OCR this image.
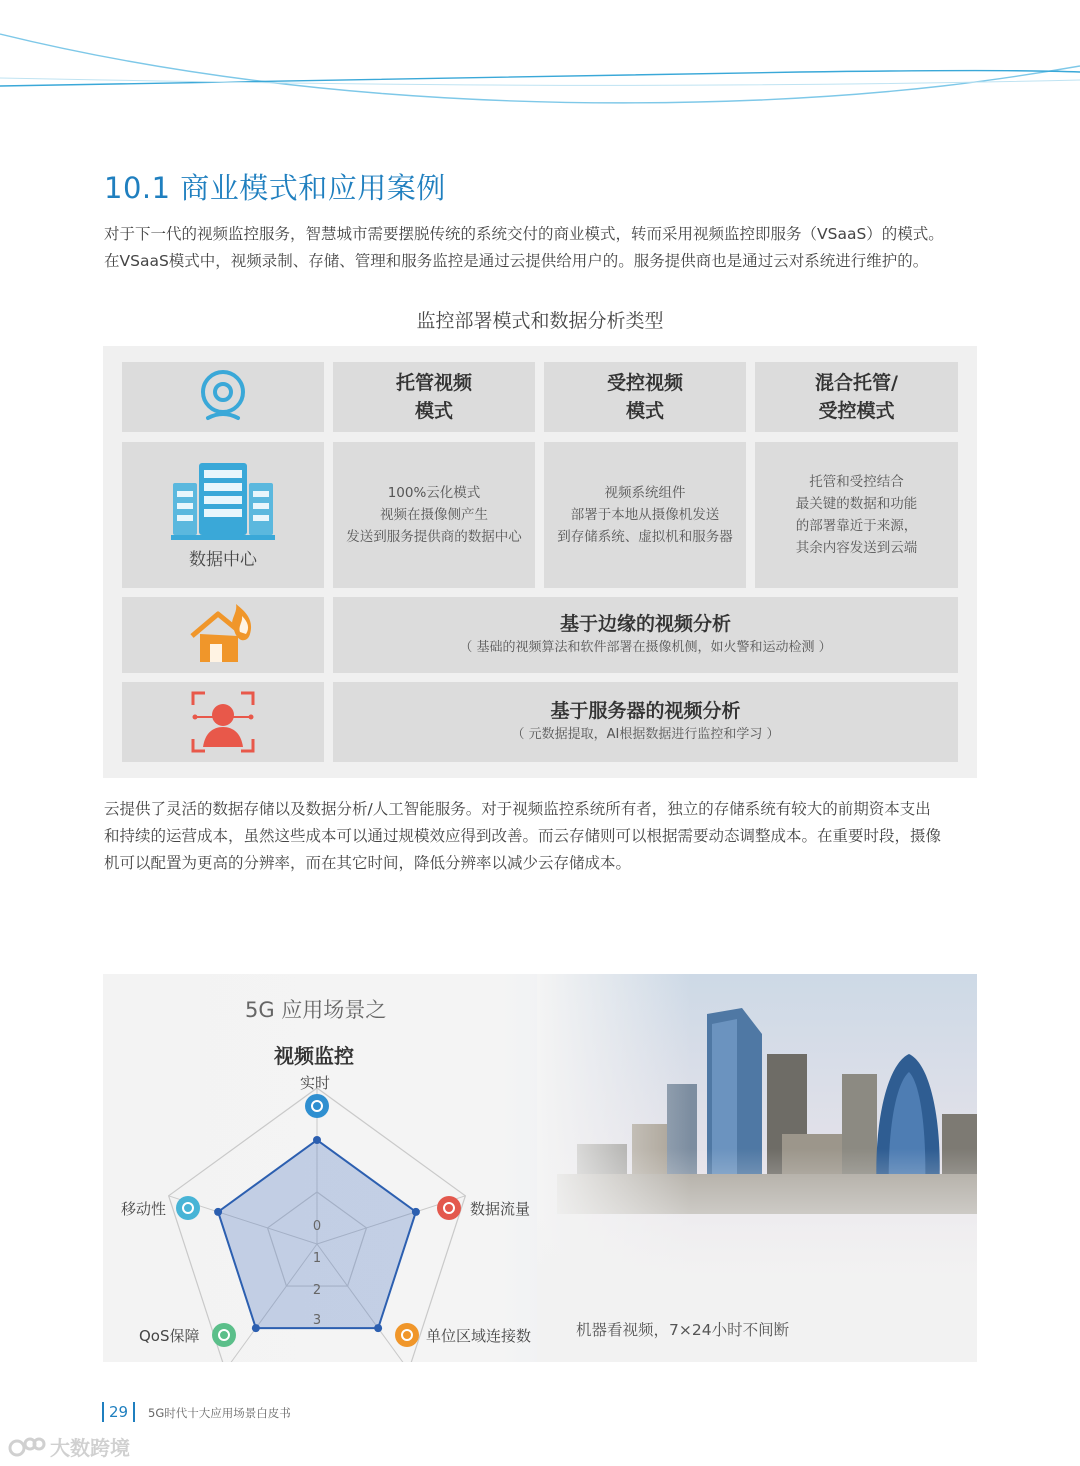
10.1 商业模式和应用案例
对于下一代的视频监控服务，智慧城市需要摆脱传统的系统交付的商业模式，转而采用视频监控即服务（VSaaS）的模式。
在VSaaS模式中，视频录制、存储、管理和服务监控是通过云提供给用户的。服务提供商也是通过云对系统进行维护的。
监控部署模式和数据分析类型
托管视频
模式
受控视频
模式
混合托管/
受控模式
数据中心
100%云化模式
视频在摄像侧产生
发送到服务提供商的数据中心
视频系统组件
部署于本地从摄像机发送
到存储系统、虚拟机和服务器
托管和受控结合
最关键的数据和功能
的部署靠近于来源，
其余内容发送到云端
基于边缘的视频分析
（ 基础的视频算法和软件部署在摄像机侧，如火警和运动检测 ）
基于服务器的视频分析
（ 元数据提取，AI根据数据进行监控和学习 ）
云提供了灵活的数据存储以及数据分析/人工智能服务。对于视频监控系统所有者，独立的存储系统有较大的前期资本支出
和持续的运营成本，虽然这些成本可以通过规模效应得到改善。而云存储则可以根据需要动态调整成本。在重要时段，摄像
机可以配置为更高的分辨率，而在其它时间，降低分辨率以减少云存储成本。
0
1
2
3
5G 应用场景之
视频监控
实时
数据流量
单位区域连接数
QoS保障
移动性
机器看视频，7×24小时不间断
29	5G时代十大应用场景白皮书
大数跨境
